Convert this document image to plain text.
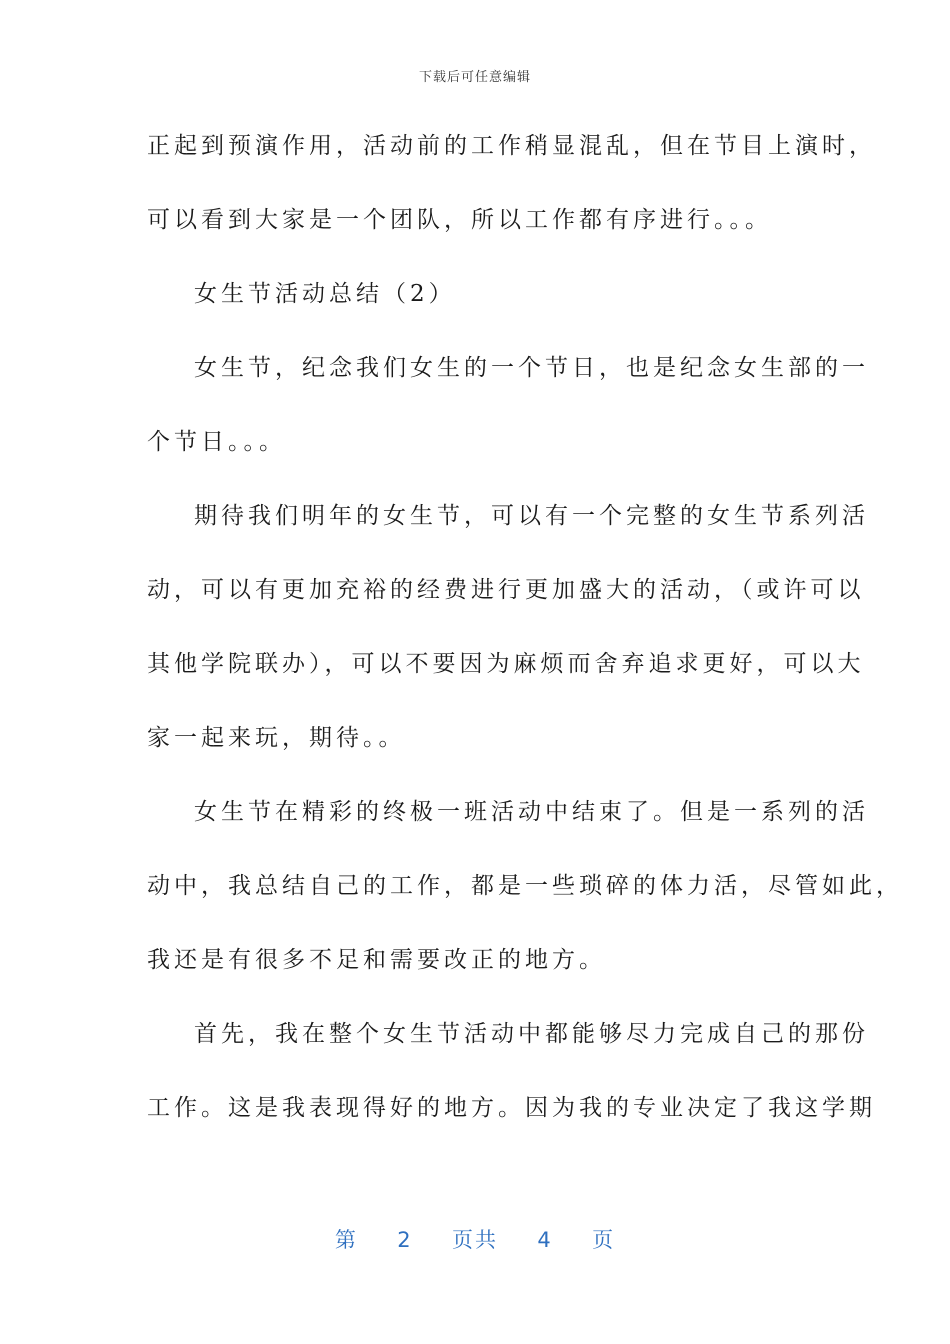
下载后可任意编辑
正起到预演作用，活动前的工作稍显混乱，但在节目上演时，
可以看到大家是一个团队，所以工作都有序进行。。。
女生节活动总结（2）
女生节，纪念我们女生的一个节日，也是纪念女生部的一
个节日。。。
期待我们明年的女生节，可以有一个完整的女生节系列活
动，可以有更加充裕的经费进行更加盛大的活动，（或许可以
其他学院联办），可以不要因为麻烦而舍弃追求更好，可以大
家一起来玩，期待。。
女生节在精彩的终极一班活动中结束了。但是一系列的活
动中，我总结自己的工作，都是一些琐碎的体力活，尽管如此，
我还是有很多不足和需要改正的地方。
首先，我在整个女生节活动中都能够尽力完成自己的那份
工作。这是我表现得好的地方。因为我的专业决定了我这学期
第 2 页共 4 页
